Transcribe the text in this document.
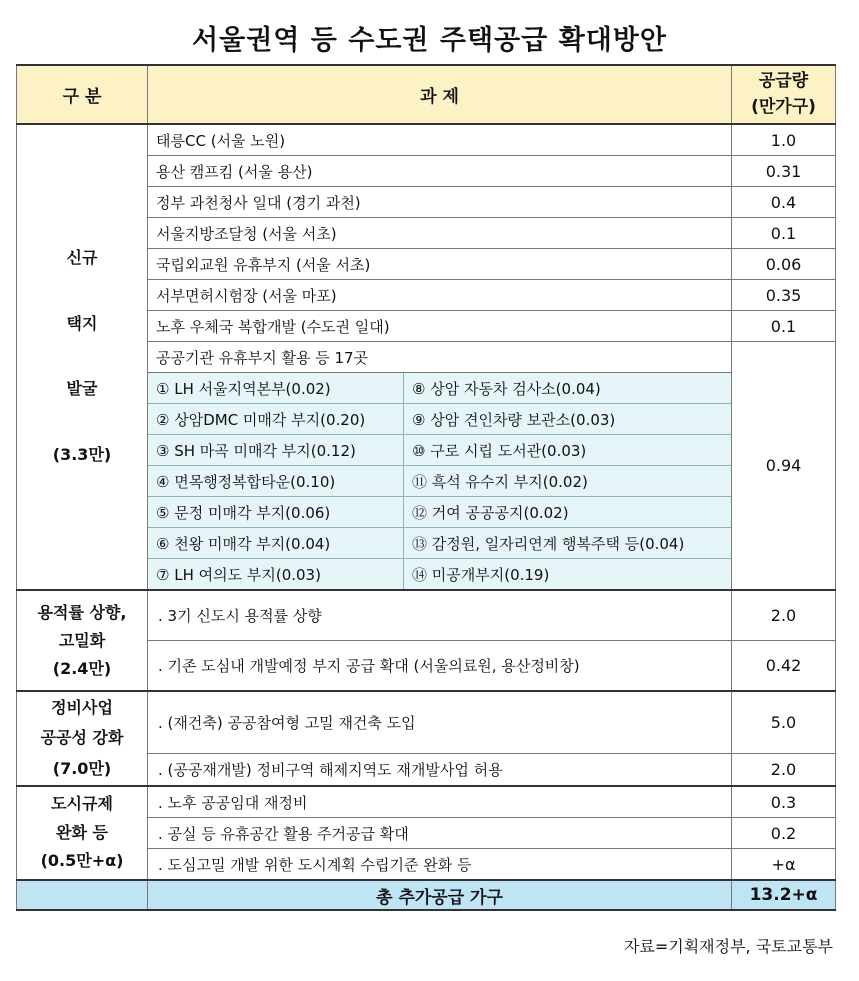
서울권역 등 수도권 주택공급 확대방안
구 분	과 제		공급량
(만가구)
신규

택지

발굴

(3.3만)	태릉CC (서울 노원)		1.0
	용산 캠프킴 (서울 용산)		0.31
	정부 과천청사 일대 (경기 과천)		0.4
	서울지방조달청 (서울 서초)		0.1
	국립외교원 유휴부지 (서울 서초)		0.06
	서부면허시험장 (서울 마포)		0.35
	노후 우체국 복합개발 (수도권 일대)		0.1
	공공기관 유휴부지 활용 등 17곳		0.94
	① LH 서울지역본부(0.02)	⑧ 상암 자동차 검사소(0.04)	
	② 상암DMC 미매각 부지(0.20)	⑨ 상암 견인차량 보관소(0.03)	
	③ SH 마곡 미매각 부지(0.12)	⑩ 구로 시립 도서관(0.03)	
	④ 면목행정복합타운(0.10)	⑪ 흑석 유수지 부지(0.02)	
	⑤ 문정 미매각 부지(0.06)	⑫ 거여 공공공지(0.02)	
	⑥ 천왕 미매각 부지(0.04)	⑬ 감정원, 일자리연계 행복주택 등(0.04)	
	⑦ LH 여의도 부지(0.03)	⑭ 미공개부지(0.19)	
용적률 상향,
고밀화
(2.4만)	. 3기 신도시 용적률 상향		2.0
	. 기존 도심내 개발예정 부지 공급 확대 (서울의료원, 용산정비창)		0.42
정비사업
공공성 강화
(7.0만)	. (재건축) 공공참여형 고밀 재건축 도입		5.0
	. (공공재개발) 정비구역 해제지역도 재개발사업 허용		2.0
도시규제
완화 등
(0.5만+α)	. 노후 공공임대 재정비		0.3
	. 공실 등 유휴공간 활용 주거공급 확대		0.2
	. 도심고밀 개발 위한 도시계획 수립기준 완화 등		+α
	총 추가공급 가구		13.2+α
자료=기획재정부, 국토교통부
